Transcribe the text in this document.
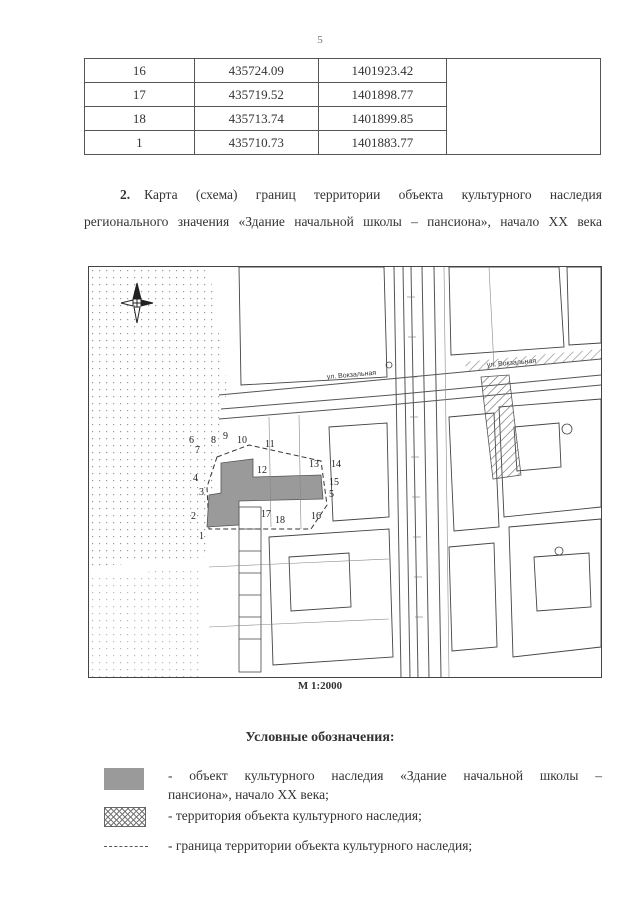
5
16	435724.09	1401923.42	
17	435719.52	1401898.77	
18	435713.74	1401899.85	
1	435710.73	1401883.77	
2. Карта (схема) границ территории объекта культурного наследия
регионального значения «Здание начальной школы – пансиона», начало XX века
ул. Вокзальная
1
2
3
4
5
6
7
8 9 10 11
12
13 14
15
16
17
18
М 1:2000
Условные обозначения:
- объект культурного наследия «Здание начальной школы –
пансиона», начало XX века;
- территория объекта культурного наследия;
- граница территории объекта культурного наследия;
